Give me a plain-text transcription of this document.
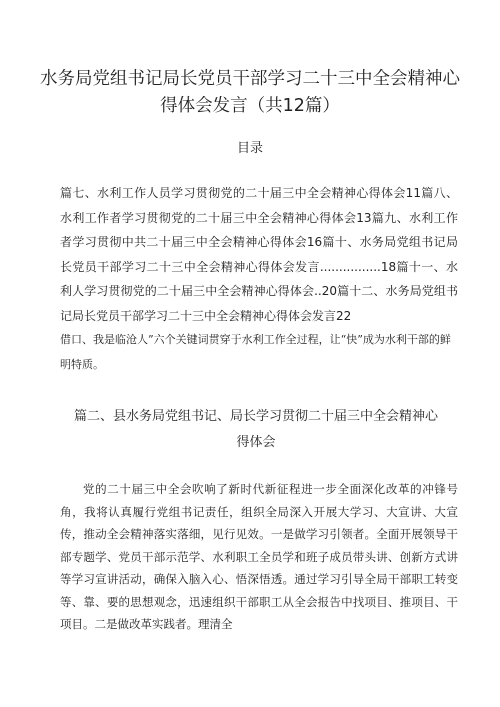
水务局党组书记局长党员干部学习二十三中全会精神心得体会发言（共12篇）
目录
篇七、水利工作人员学习贯彻党的二十届三中全会精神心得体会11篇八、水利工作者学习贯彻党的二十届三中全会精神心得体会13篇九、水利工作者学习贯彻中共二十届三中全会精神心得体会16篇十、水务局党组书记局长党员干部学习二十三中全会精神心得体会发言................18篇十一、水利人学习贯彻党的二十届三中全会精神心得体会..20篇十二、水务局党组书记局长党员干部学习二十三中全会精神心得体会发言22
借口、我是临沧人”六个关键词贯穿于水利工作全过程，让“快”成为水利干部的鲜明特质。
篇二、县水务局党组书记、局长学习贯彻二十届三中全会精神心得体会
党的二十届三中全会吹响了新时代新征程进一步全面深化改革的冲锋号角，我将认真履行党组书记责任，组织全局深入开展大学习、大宣讲、大宣传，推动全会精神落实落细，见行见效。一是做学习引领者。全面开展领导干部专题学、党员干部示范学、水利职工全员学和班子成员带头讲、创新方式讲等学习宣讲活动，确保入脑入心、悟深悟透。通过学习引导全局干部职工转变等、靠、要的思想观念，迅速组织干部职工从全会报告中找项目、推项目、干项目。二是做改革实践者。理清全
